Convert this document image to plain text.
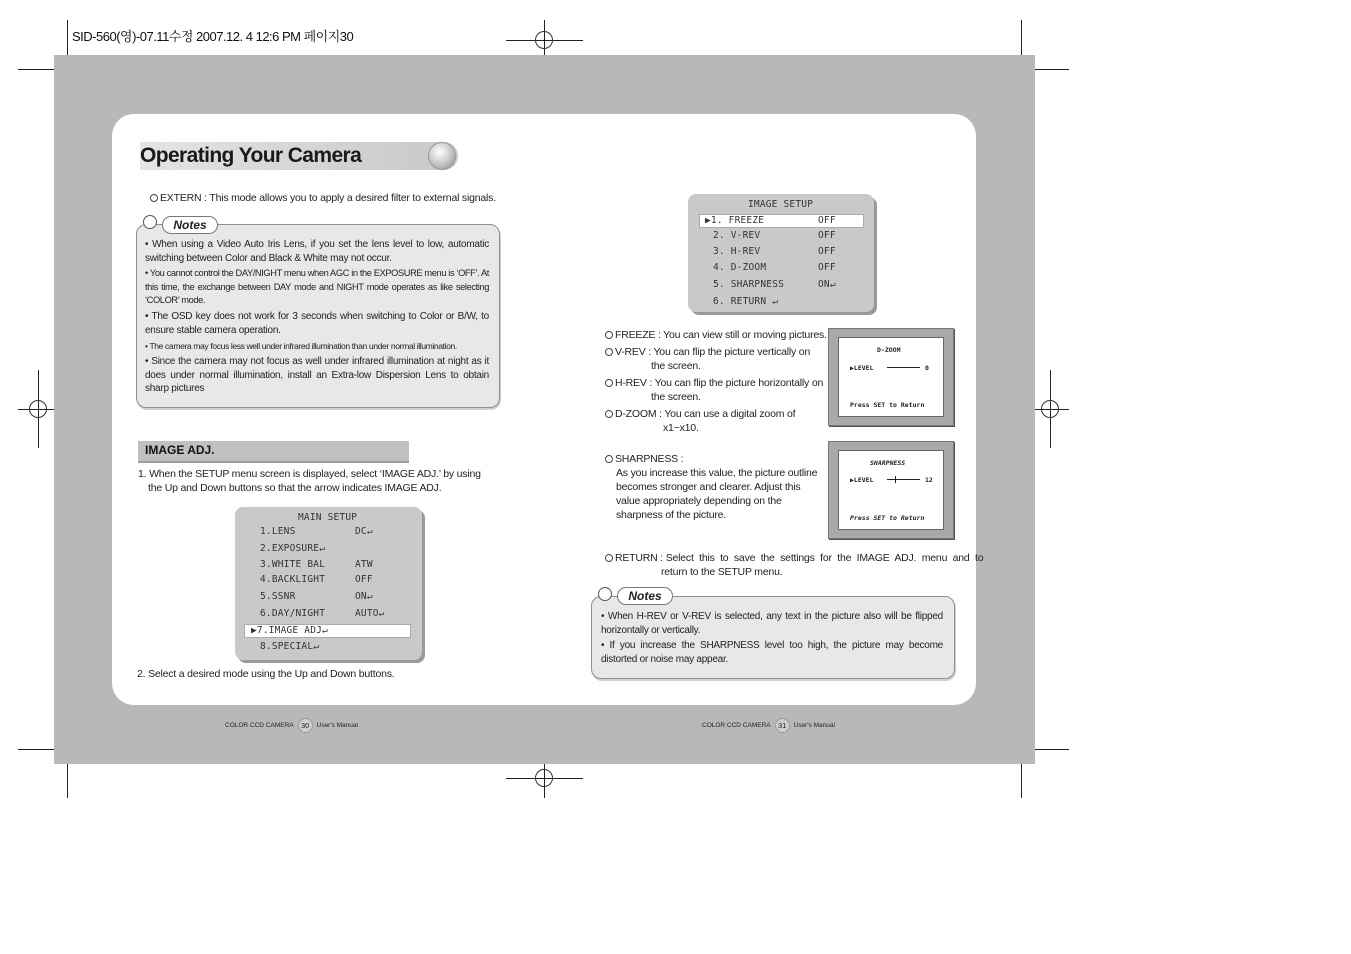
SID-560(영)-07.11수정 2007.12. 4 12:6 PM 페이지30
Operating Your Camera
EXTERN : This mode allows you to apply a desired filter to external signals.
Notes
• When using a Video Auto Iris Lens, if you set the lens level to low, automatic switching between Color and Black & White may not occur.
• You cannot control the DAY/NIGHT menu when AGC in the EXPOSURE menu is ‘OFF’. At this time, the exchange between DAY mode and NIGHT mode operates as like selecting ‘COLOR’ mode.
• The OSD key does not work for 3 seconds when switching to Color or B/W, to ensure stable camera operation.
• The camera may focus less well under infrared illumination than under normal illumination.
• Since the camera may not focus as well under infrared illumination at night as it does under normal illumination, install an Extra-low Dispersion Lens to obtain sharp pictures
IMAGE ADJ.
1. When the SETUP menu screen is displayed, select ‘IMAGE ADJ.’ by using the Up and Down buttons so that the arrow indicates IMAGE ADJ.
MAIN SETUP
1.LENS	DC↵
2.EXPOSURE↵
3.WHITE BAL	ATW
4.BACKLIGHT	OFF
5.SSNR	ON↵
6.DAY/NIGHT	AUTO↵
▶7.IMAGE ADJ↵
8.SPECIAL↵
2. Select a desired mode using the Up and Down buttons.
COLOR CCD CAMERA 30 User's Manual
IMAGE SETUP
▶1. FREEZE	OFF
2. V-REV	OFF
3. H-REV	OFF
4. D-ZOOM	OFF
5. SHARPNESS	ON↵
6. RETURN ↵
FREEZE : You can view still or moving pictures.
V-REV : You can flip the picture vertically on
the screen.
H-REV : You can flip the picture horizontally on
the screen.
D-ZOOM : You can use a digital zoom of
x1~x10.
D-ZOOM
▶LEVEL	0
Press SET to Return
SHARPNESS :
As you increase this value, the picture outline becomes stronger and clearer. Adjust this value appropriately depending on the sharpness of the picture.
SHARPNESS
▶LEVEL	12
Press SET to Return
RETURN : Select  this  to  save  the  settings  for  the  IMAGE  ADJ.  menu  and  to
return to the SETUP menu.
Notes
• When H-REV or V-REV is selected, any text in the picture also will be flipped horizontally or vertically.
• If you increase the SHARPNESS level too high, the picture may become distorted or noise may appear.
COLOR CCD CAMERA 31 User's Manual
